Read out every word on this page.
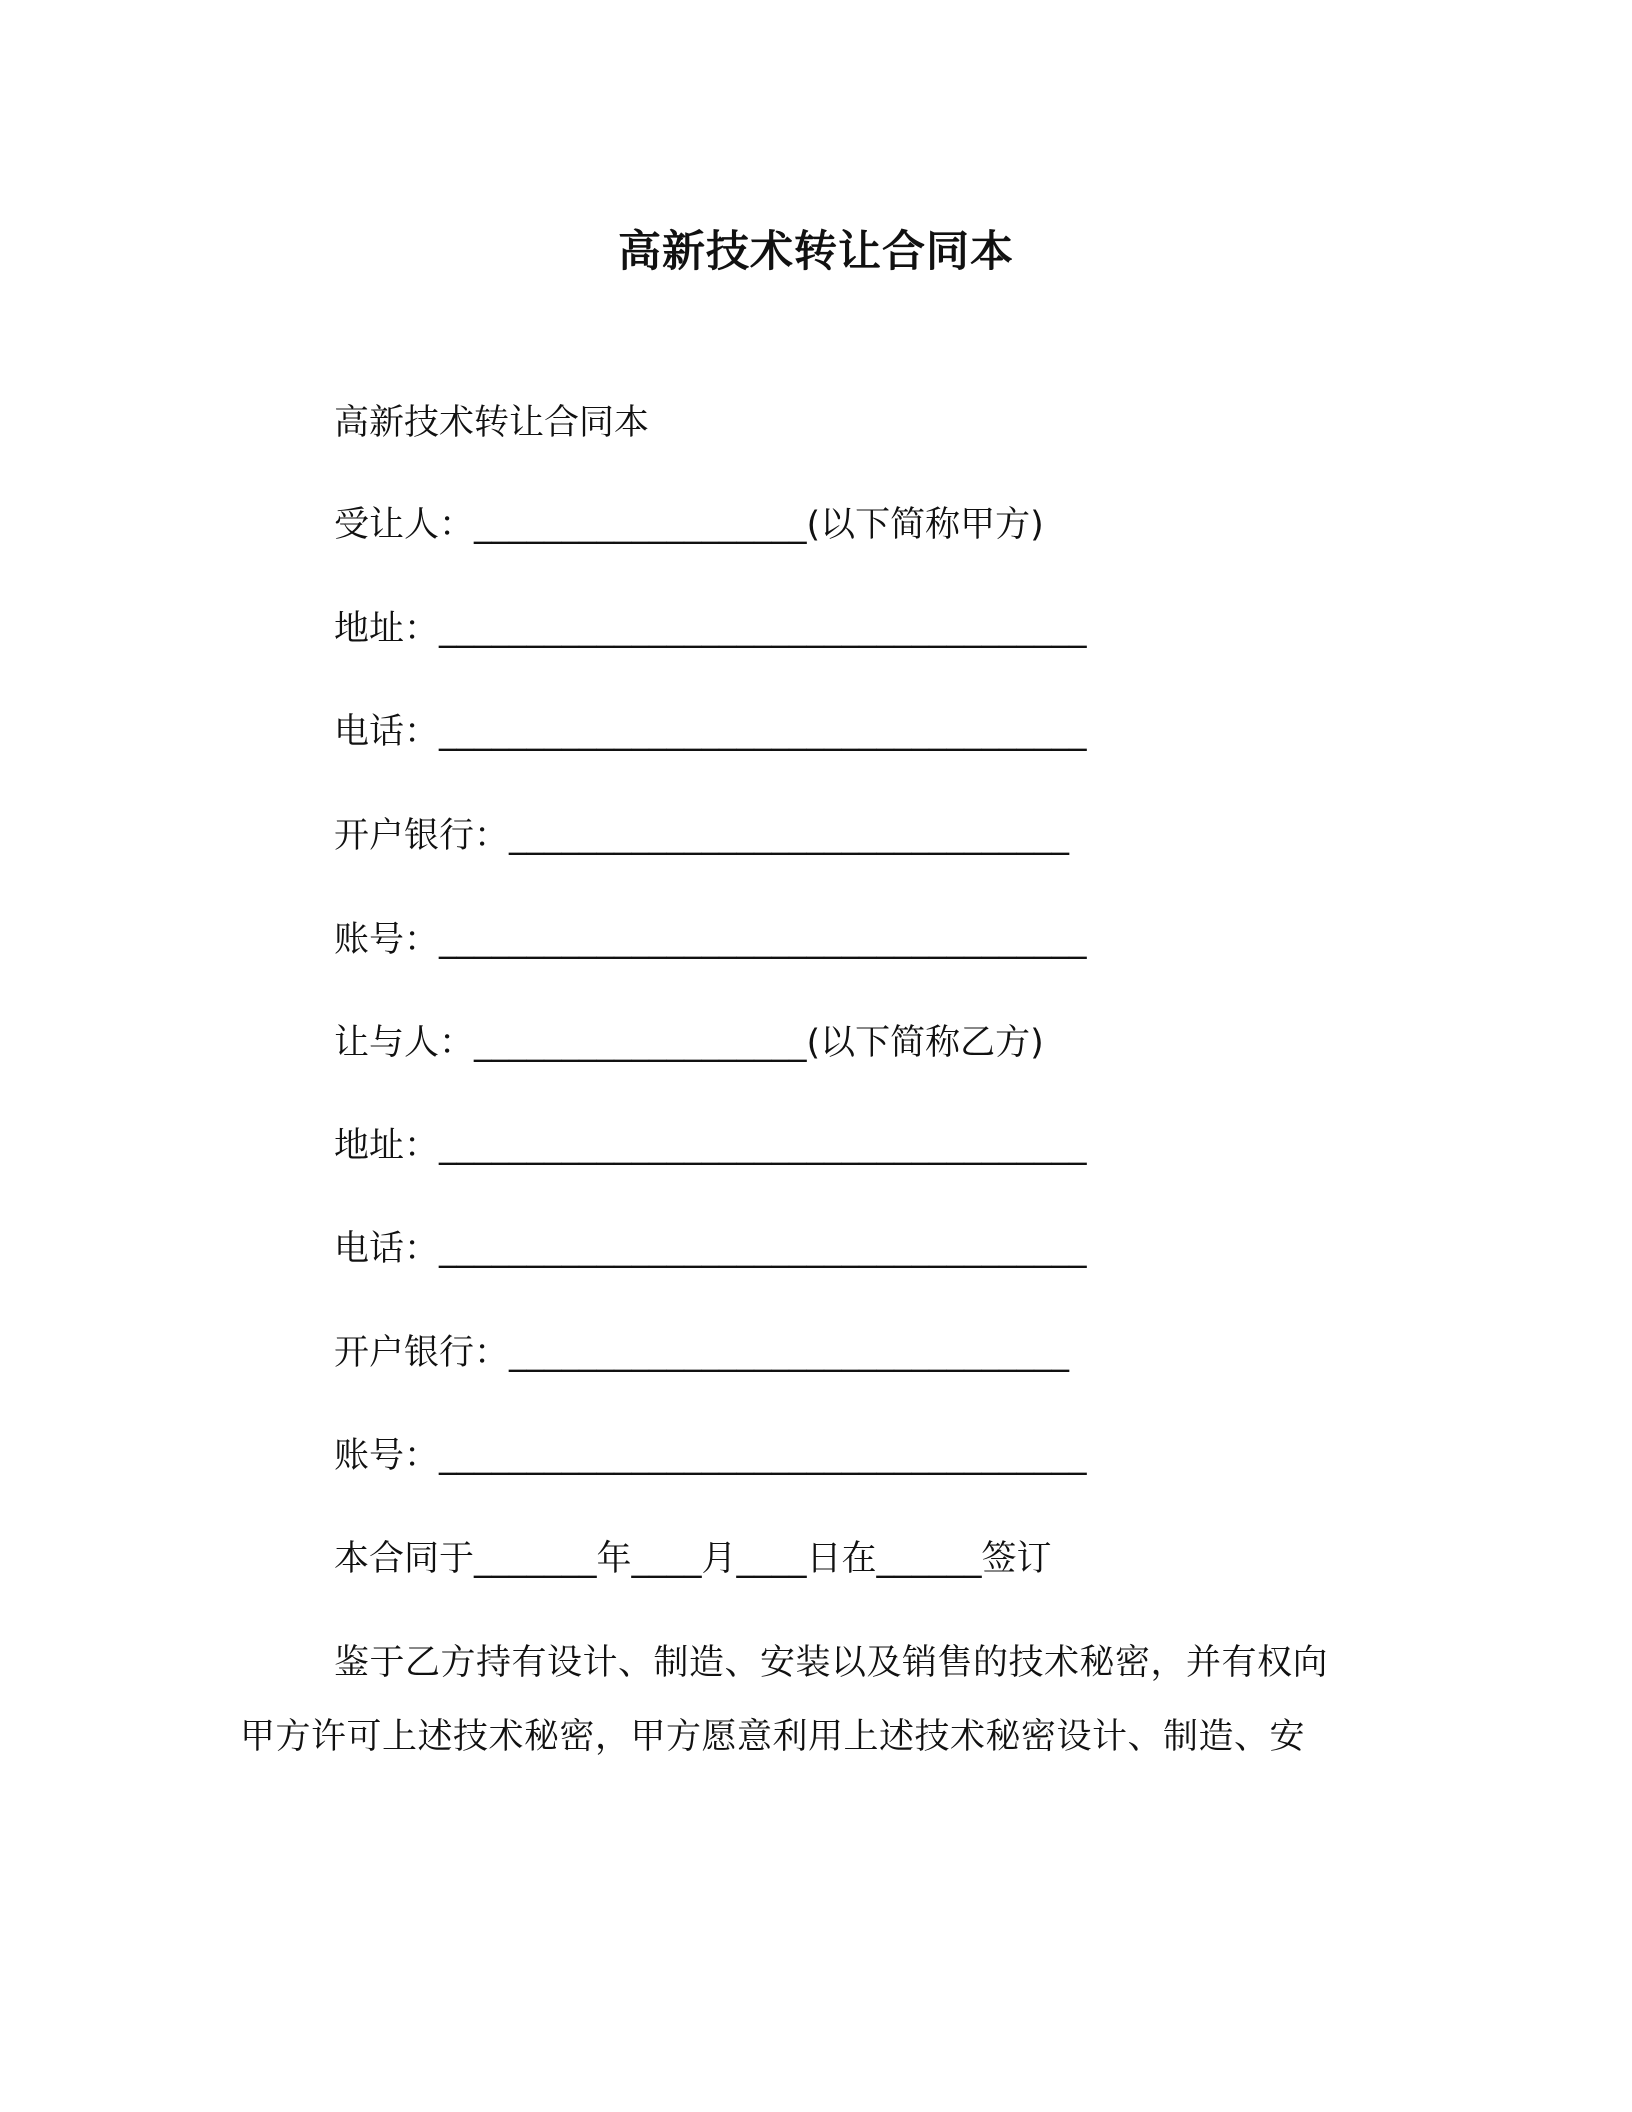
高新技术转让合同本
高新技术转让合同本
受让人：___________________(以下简称甲方)
地址：_____________________________________
电话：_____________________________________
开户银行：________________________________
账号：_____________________________________
让与人：___________________(以下简称乙方)
地址：_____________________________________
电话：_____________________________________
开户银行：________________________________
账号：_____________________________________
本合同于_______年____月____日在______签订
鉴于乙方持有设计、制造、安装以及销售的技术秘密，并有权向
甲方许可上述技术秘密，甲方愿意利用上述技术秘密设计、制造、安
